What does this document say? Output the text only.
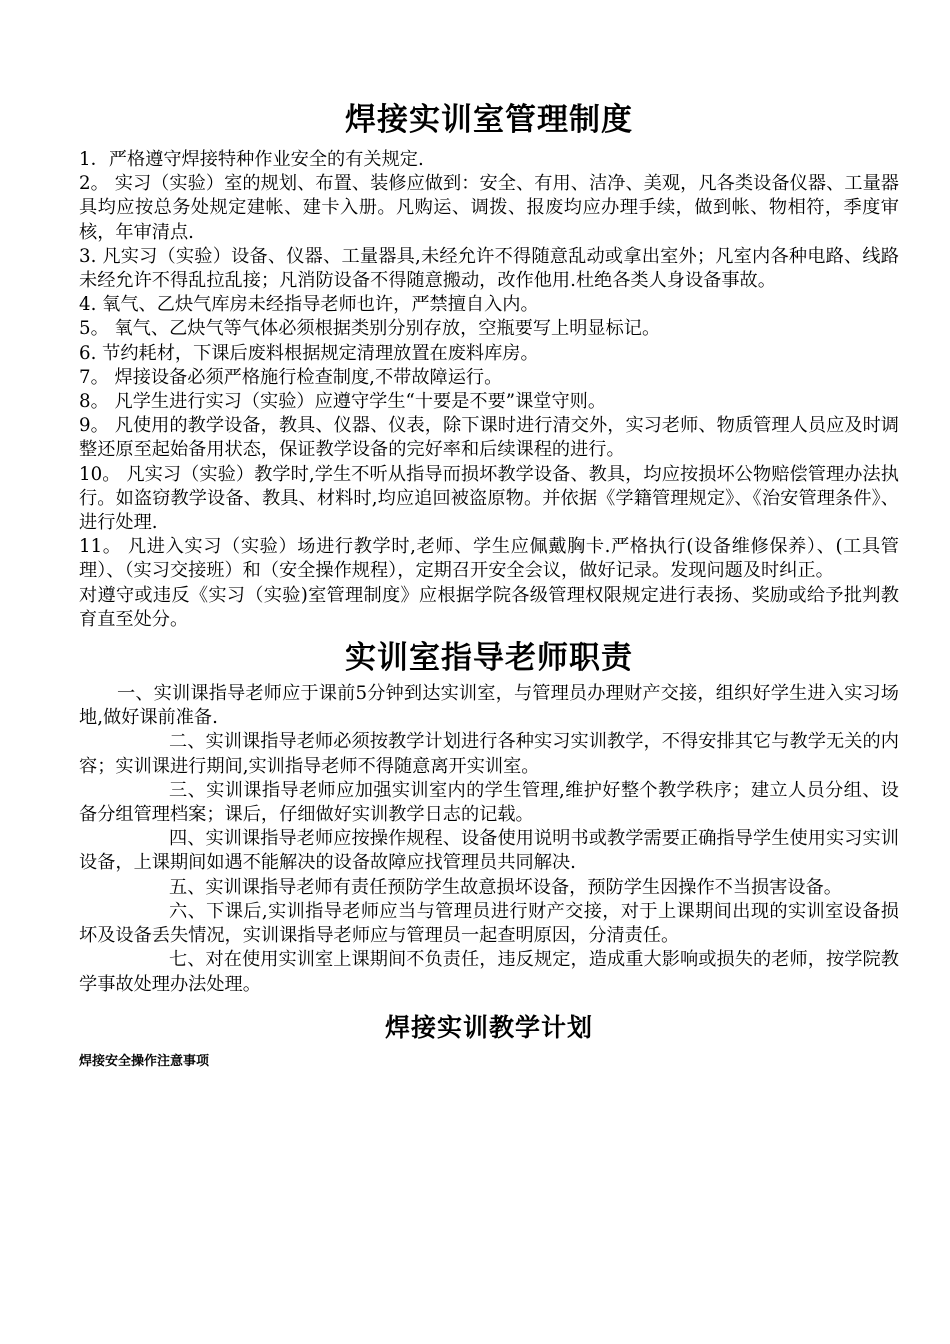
焊接实训室管理制度

1．严格遵守焊接特种作业安全的有关规定.

2。 实习（实验）室的规划、布置、装修应做到：安全、有用、洁净、美观，凡各类设备仪器、工量器具均应按总务处规定建帐、建卡入册。凡购运、调拨、报废均应办理手续，做到帐、物相符，季度审核，年审清点.

3. 凡实习（实验）设备、仪器、工量器具,未经允许不得随意乱动或拿出室外；凡室内各种电路、线路未经允许不得乱拉乱接；凡消防设备不得随意搬动，改作他用.杜绝各类人身设备事故。

4. 氧气、乙炔气库房未经指导老师也许，严禁擅自入内。

5。 氧气、乙炔气等气体必须根据类别分别存放，空瓶要写上明显标记。

6. 节约耗材，下课后废料根据规定清理放置在废料库房。

7。 焊接设备必须严格施行检查制度,不带故障运行。

8。 凡学生进行实习（实验）应遵守学生“十要是不要”课堂守则。

9。 凡使用的教学设备，教具、仪器、仪表，除下课时进行清交外，实习老师、物质管理人员应及时调整还原至起始备用状态，保证教学设备的完好率和后续课程的进行。

10。 凡实习（实验）教学时,学生不听从指导而损坏教学设备、教具，均应按损坏公物赔偿管理办法执行。如盗窃教学设备、教具、材料时,均应追回被盗原物。并依据《学籍管理规定》、《治安管理条件》、进行处理.

11。 凡进入实习（实验）场进行教学时,老师、学生应佩戴胸卡.严格执行(设备维修保养）、(工具管理）、（实习交接班）和（安全操作规程），定期召开安全会议，做好记录。发现问题及时纠正。

对遵守或违反《实习（实验)室管理制度》应根据学院各级管理权限规定进行表扬、奖励或给予批判教育直至处分。

实训室指导老师职责

一、实训课指导老师应于课前5分钟到达实训室，与管理员办理财产交接，组织好学生进入实习场地,做好课前准备.

二、实训课指导老师必须按教学计划进行各种实习实训教学，不得安排其它与教学无关的内容；实训课进行期间,实训指导老师不得随意离开实训室。

三、实训课指导老师应加强实训室内的学生管理,维护好整个教学秩序；建立人员分组、设备分组管理档案；课后，仔细做好实训教学日志的记载。

四、实训课指导老师应按操作规程、设备使用说明书或教学需要正确指导学生使用实习实训设备，上课期间如遇不能解决的设备故障应找管理员共同解决.

五、实训课指导老师有责任预防学生故意损坏设备，预防学生因操作不当损害设备。

六、下课后,实训指导老师应当与管理员进行财产交接，对于上课期间出现的实训室设备损坏及设备丢失情况，实训课指导老师应与管理员一起查明原因，分清责任。

七、对在使用实训室上课期间不负责任，违反规定，造成重大影响或损失的老师，按学院教学事故处理办法处理。

焊接实训教学计划

焊接安全操作注意事项
